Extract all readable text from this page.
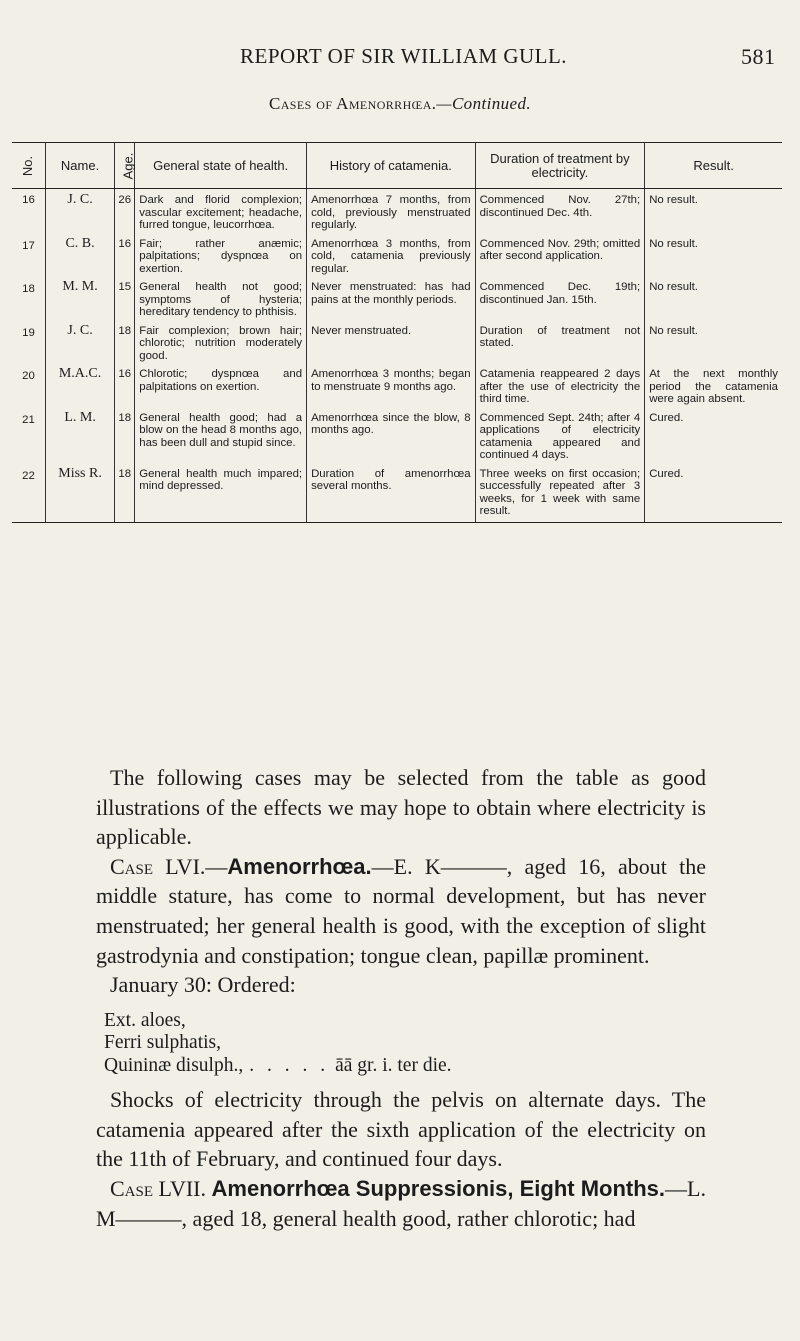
REPORT OF SIR WILLIAM GULL.	581
Cases of Amenorrhœa.—Continued.
No.	Name.	Age.	General state of health.	History of catamenia.	Duration of treatment by electricity.	Result.
16	J. C.	26	Dark and florid complexion; vascular excitement; headache, furred tongue, leucorrhœa.	Amenorrhœa 7 months, from cold, previously menstruated regularly.	Commenced Nov. 27th; discontinued Dec. 4th.	No result.
17	C. B.	16	Fair; rather anæmic; palpitations; dyspnœa on exertion.	Amenorrhœa 3 months, from cold, catamenia previously regular.	Commenced Nov. 29th; omitted after second application.	No result.
18	M. M.	15	General health not good; symptoms of hysteria; hereditary tendency to phthisis.	Never menstruated: has had pains at the monthly periods.	Commenced Dec. 19th; discontinued Jan. 15th.	No result.
19	J. C.	18	Fair complexion; brown hair; chlorotic; nutrition moderately good.	Never menstruated.	Duration of treatment not stated.	No result.
20	M.A.C.	16	Chlorotic; dyspnœa and palpitations on exertion.	Amenorrhœa 3 months; began to menstruate 9 months ago.	Catamenia reappeared 2 days after the use of electricity the third time.	At the next monthly period the catamenia were again absent.
21	L. M.	18	General health good; had a blow on the head 8 months ago, has been dull and stupid since.	Amenorrhœa since the blow, 8 months ago.	Commenced Sept. 24th; after 4 applications of electricity catamenia appeared and continued 4 days.	Cured.
22	Miss R.	18	General health much impared; mind depressed.	Duration of amenorrhœa several months.	Three weeks on first occasion; successfully repeated after 3 weeks, for 1 week with same result.	Cured.

The following cases may be selected from the table as good illustrations of the effects we may hope to obtain where electricity is applicable.

Case LVI.—Amenorrhœa.—E. K———, aged 16, about the middle stature, has come to normal development, but has never menstruated; her general health is good, with the exception of slight gastrodynia and constipation; tongue clean, papillæ prominent.

January 30: Ordered:

Ext. aloes,
Ferri sulphatis,
Quininæ disulph., . . . . . āā gr. i. ter die.

Shocks of electricity through the pelvis on alternate days. The catamenia appeared after the sixth application of the electricity on the 11th of February, and continued four days.

Case LVII. Amenorrhœa Suppressionis, Eight Months.—L. M———, aged 18, general health good, rather chlorotic; had
